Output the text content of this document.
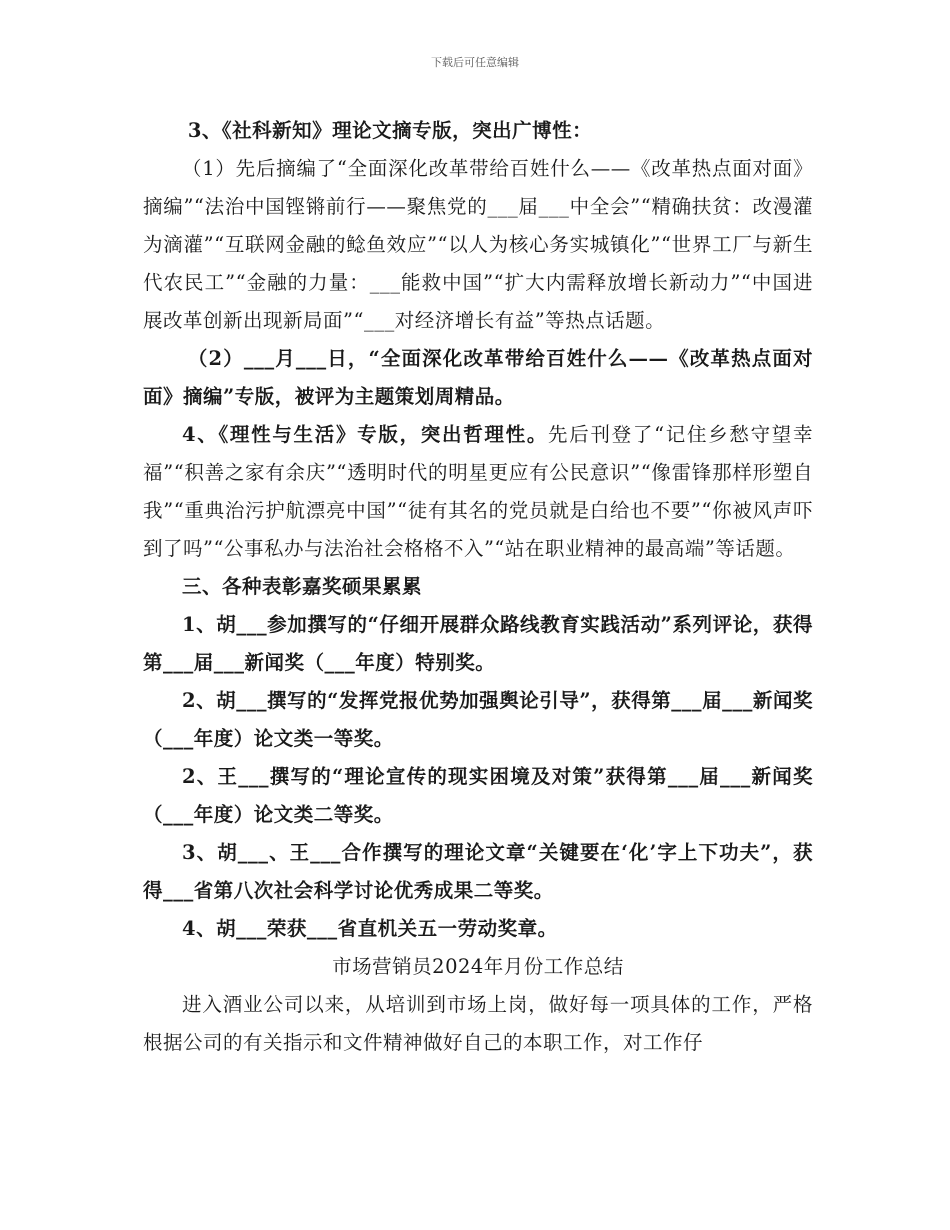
下载后可任意编辑

3、《社科新知》理论文摘专版，突出广博性：

（1）先后摘编了“全面深化改革带给百姓什么——《改革热点面对面》摘编”“法治中国铿锵前行——聚焦党的___届___中全会”“精确扶贫：改漫灌为滴灌”“互联网金融的鲶鱼效应”“以人为核心务实城镇化”“世界工厂与新生代农民工”“金融的力量：___能救中国”“扩大内需释放增长新动力”“中国进展改革创新出现新局面”“___对经济增长有益”等热点话题。

（2）___月___日，“全面深化改革带给百姓什么——《改革热点面对面》摘编”专版，被评为主题策划周精品。

4、《理性与生活》专版，突出哲理性。先后刊登了“记住乡愁守望幸福”“积善之家有余庆”“透明时代的明星更应有公民意识”“像雷锋那样形塑自我”“重典治污护航漂亮中国”“徒有其名的党员就是白给也不要”“你被风声吓到了吗”“公事私办与法治社会格格不入”“站在职业精神的最高端”等话题。

三、各种表彰嘉奖硕果累累

1、胡___参加撰写的“仔细开展群众路线教育实践活动”系列评论，获得第___届___新闻奖（___年度）特别奖。

2、胡___撰写的“发挥党报优势加强舆论引导”，获得第___届___新闻奖（___年度）论文类一等奖。

2、王___撰写的“理论宣传的现实困境及对策”获得第___届___新闻奖（___年度）论文类二等奖。

3、胡___、王___合作撰写的理论文章“关键要在‘化’字上下功夫”，获得___省第八次社会科学讨论优秀成果二等奖。

4、胡___荣获___省直机关五一劳动奖章。

市场营销员2024年月份工作总结

进入酒业公司以来，从培训到市场上岗，做好每一项具体的工作，严格根据公司的有关指示和文件精神做好自己的本职工作，对工作仔
